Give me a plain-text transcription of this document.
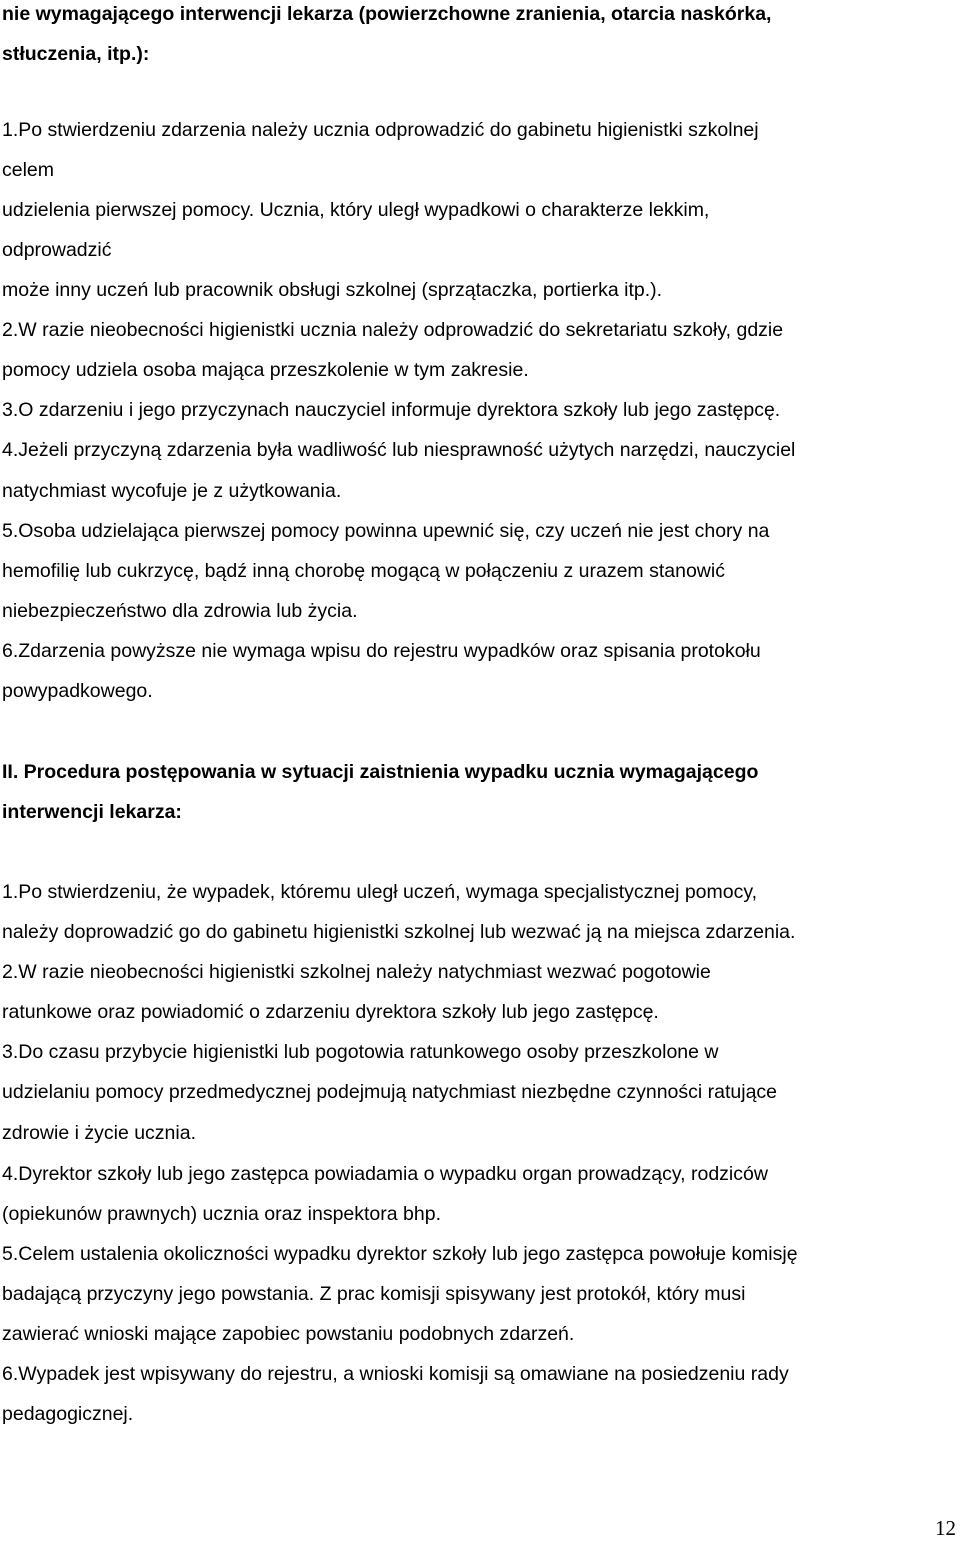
nie wymagającego interwencji lekarza (powierzchowne zranienia, otarcia naskórka,
stłuczenia, itp.):
1.Po stwierdzeniu zdarzenia należy ucznia odprowadzić do gabinetu higienistki szkolnej
celem
udzielenia pierwszej pomocy. Ucznia, który uległ wypadkowi o charakterze lekkim,
odprowadzić
może inny uczeń lub pracownik obsługi szkolnej (sprzątaczka, portierka itp.).
2.W razie nieobecności higienistki ucznia należy odprowadzić do sekretariatu szkoły, gdzie
pomocy udziela osoba mająca przeszkolenie w tym zakresie.
3.O zdarzeniu i jego przyczynach nauczyciel informuje dyrektora szkoły lub jego zastępcę.
4.Jeżeli przyczyną zdarzenia była wadliwość lub niesprawność użytych narzędzi, nauczyciel
natychmiast wycofuje je z użytkowania.
5.Osoba udzielająca pierwszej pomocy powinna upewnić się, czy uczeń nie jest chory na
hemofilię lub cukrzycę, bądź inną chorobę mogącą w połączeniu z urazem stanowić
niebezpieczeństwo dla zdrowia lub życia.
6.Zdarzenia powyższe nie wymaga wpisu do rejestru wypadków oraz spisania protokołu
powypadkowego.
II. Procedura postępowania w sytuacji zaistnienia wypadku ucznia wymagającego
interwencji lekarza:
1.Po stwierdzeniu, że wypadek, któremu uległ uczeń, wymaga specjalistycznej pomocy,
należy doprowadzić go do gabinetu higienistki szkolnej lub wezwać ją na miejsca zdarzenia.
2.W razie nieobecności higienistki szkolnej należy natychmiast wezwać pogotowie
ratunkowe oraz powiadomić o zdarzeniu dyrektora szkoły lub jego zastępcę.
3.Do czasu przybycie higienistki lub pogotowia ratunkowego osoby przeszkolone w
udzielaniu pomocy przedmedycznej podejmują natychmiast niezbędne czynności ratujące
zdrowie i życie ucznia.
4.Dyrektor szkoły lub jego zastępca powiadamia o wypadku organ prowadzący, rodziców
(opiekunów prawnych) ucznia oraz inspektora bhp.
5.Celem ustalenia okoliczności wypadku dyrektor szkoły lub jego zastępca powołuje komisję
badającą przyczyny jego powstania. Z prac komisji spisywany jest protokół, który musi
zawierać wnioski mające zapobiec powstaniu podobnych zdarzeń.
6.Wypadek jest wpisywany do rejestru, a wnioski komisji są omawiane na posiedzeniu rady
pedagogicznej.
12
